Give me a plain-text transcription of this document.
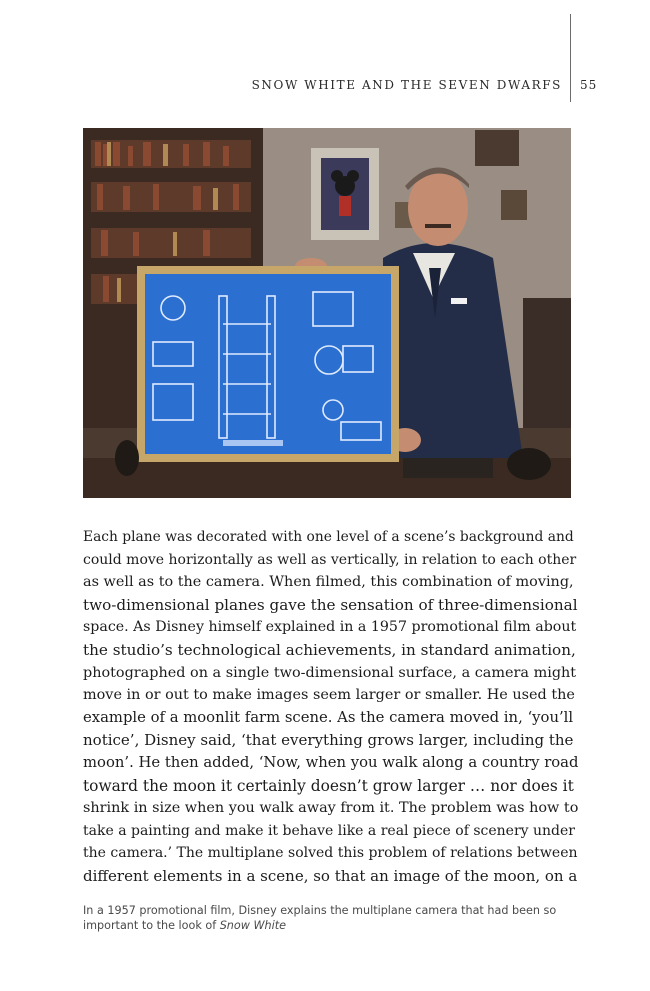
SNOW WHITE AND THE SEVEN DWARFS 55
Each plane was decorated with one level of a scene’s background and
could move horizontally as well as vertically, in relation to each other
as well as to the camera. When filmed, this combination of moving,
two-dimensional planes gave the sensation of three-dimensional
space. As Disney himself explained in a 1957 promotional film about
the studio’s technological achievements, in standard animation,
photographed on a single two-dimensional surface, a camera might
move in or out to make images seem larger or smaller. He used the
example of a moonlit farm scene. As the camera moved in, ‘you’ll
notice’, Disney said, ‘that everything grows larger, including the
moon’. He then added, ‘Now, when you walk along a country road
toward the moon it certainly doesn’t grow larger … nor does it
shrink in size when you walk away from it. The problem was how to
take a painting and make it behave like a real piece of scenery under
the camera.’ The multiplane solved this problem of relations between
different elements in a scene, so that an image of the moon, on a
In a 1957 promotional film, Disney explains the multiplane camera that had been so
important to the look of Snow White
